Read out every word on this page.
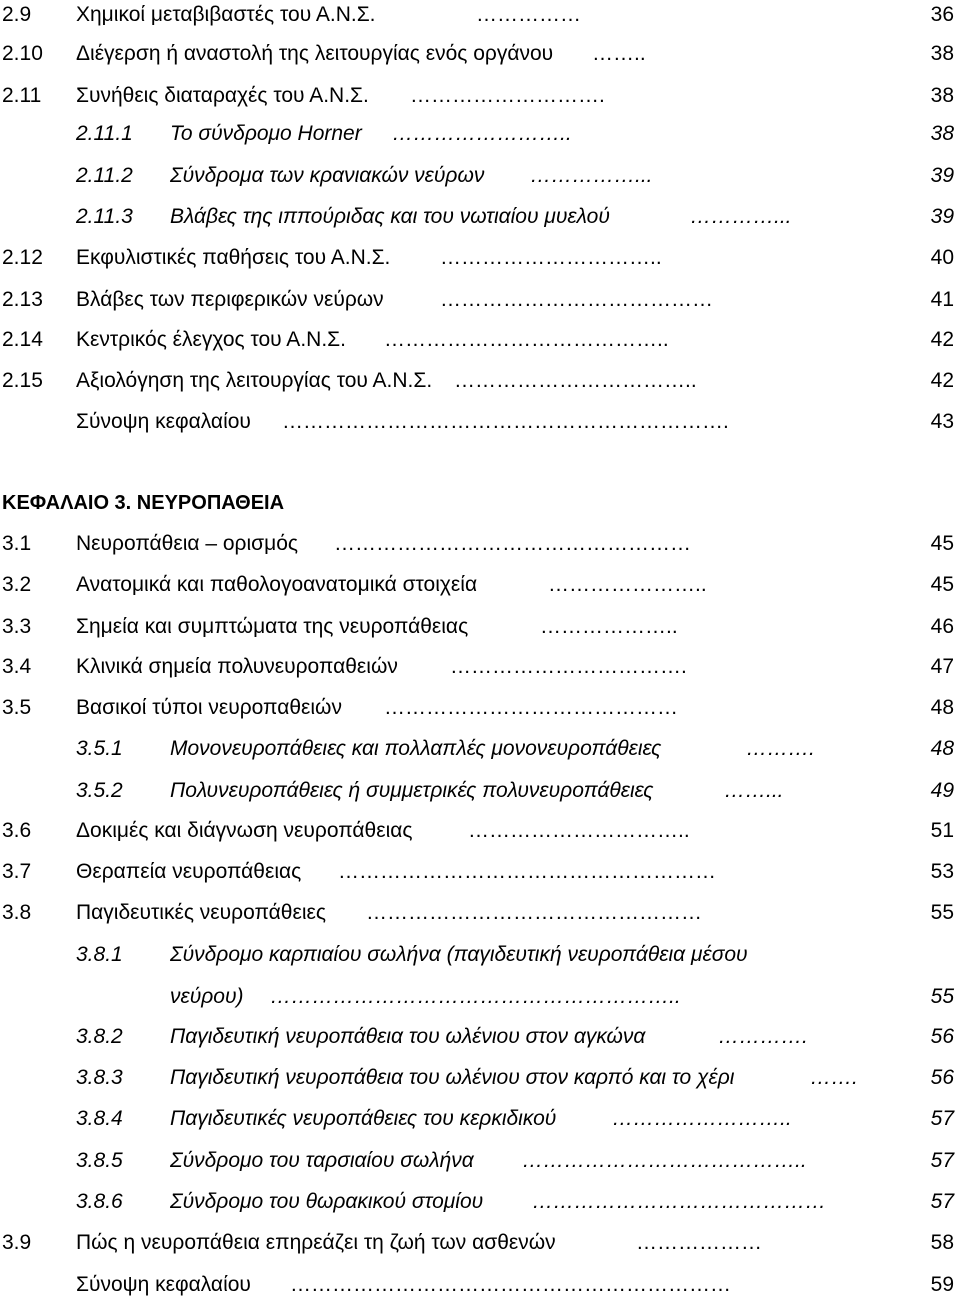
ΚΕΦΑΛΑΙΟ 3. ΝΕΥΡΟΠΑΘΕΙΑ
2.9 Χημικοί μεταβιβαστές του Α.Ν.Σ.	……………	36
2.10 Διέγερση ή αναστολή της λειτουργίας ενός οργάνου ……..	38
2.11 Συνήθεις διαταραχές του Α.Ν.Σ. ……………………….	38
2.11.1 Το σύνδρομο Horner ……………………..	38
2.11.2 Σύνδρομα των κρανιακών νεύρων ……………...	39
2.11.3 Βλάβες της ιππούριδας και του νωτιαίου μυελού	…………...	39
2.12 Εκφυλιστικές παθήσεις του Α.Ν.Σ. …………………………..	40
2.13 Βλάβες των περιφερικών νεύρων	…………………………………	41
2.14 Κεντρικός έλεγχος του Α.Ν.Σ. …………………………………..	42
2.15 Αξιολόγηση της λειτουργίας του Α.Ν.Σ. ……………………………..	42
Σύνοψη κεφαλαίου ……………………………………………………….	43
3.1 Νευροπάθεια – ορισμός ……………………………………………	45
3.2 Ανατομικά και παθολογοανατομικά στοιχεία	…………………..	45
3.3 Σημεία και συμπτώματα της νευροπάθειας	………………..	46
3.4 Κλινικά σημεία πολυνευροπαθειών …………………………….	47
3.5 Βασικοί τύποι νευροπαθειών ……………………………………	48
3.5.1 Μονονευροπάθειες και πολλαπλές μονονευροπάθειες	……….	48
3.5.2 Πολυνευροπάθειες ή συμμετρικές πολυνευροπάθειες	……...	49
3.6 Δοκιμές και διάγνωση νευροπάθειας	…………………………..	51
3.7 Θεραπεία νευροπάθειας ………………………………………………	53
3.8 Παγιδευτικές νευροπάθειες …………………………………………	55
3.8.1 Σύνδρομο καρπιαίου σωλήνα (παγιδευτική νευροπάθεια μέσου
νεύρου) …………………………………………………..	55
3.8.2 Παγιδευτική νευροπάθεια του ωλένιου στον αγκώνα	………….	56
3.8.3 Παγιδευτική νευροπάθεια του ωλένιου στον καρπό και το χέρι	…….	56
3.8.4 Παγιδευτικές νευροπάθειες του κερκιδικού	……………………..	57
3.8.5 Σύνδρομο του ταρσιαίου σωλήνα …………………………………..	57
3.8.6 Σύνδρομο του θωρακικού στομίου ……………………………………	57
3.9 Πώς η νευροπάθεια επηρεάζει τη ζωή των ασθενών	………………	58
Σύνοψη κεφαλαίου ………………………………………………………	59
